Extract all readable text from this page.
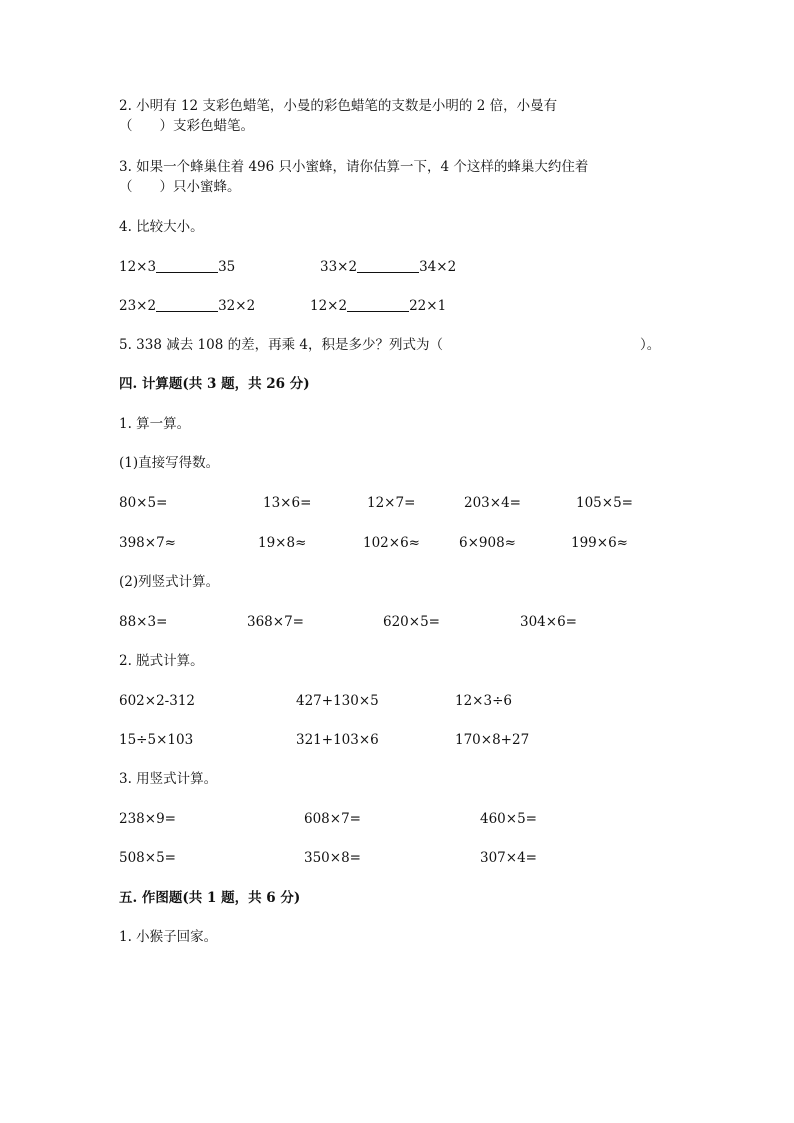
2. 小明有 12 支彩色蜡笔，小曼的彩色蜡笔的支数是小明的 2 倍，小曼有
（　　）支彩色蜡笔。
3. 如果一个蜂巢住着 496 只小蜜蜂，请你估算一下，4 个这样的蜂巢大约住着
（　　）只小蜜蜂。
4. 比较大小。
12×3	35	33×2	34×2
23×2	32×2	12×2	22×1
5. 338 减去 108 的差，再乘 4，积是多少？列式为（	）。
四. 计算题(共 3 题，共 26 分)
1. 算一算。
(1)直接写得数。
80×5=	13×6=	12×7=	203×4=	105×5=
398×7≈	19×8≈	102×6≈	6×908≈	199×6≈
(2)列竖式计算。
88×3=	368×7=	620×5=	304×6=
2. 脱式计算。
602×2-312	427+130×5	12×3÷6
15÷5×103	321+103×6	170×8+27
3. 用竖式计算。
238×9=	608×7=	460×5=
508×5=	350×8=	307×4=
五. 作图题(共 1 题，共 6 分)
1. 小猴子回家。
